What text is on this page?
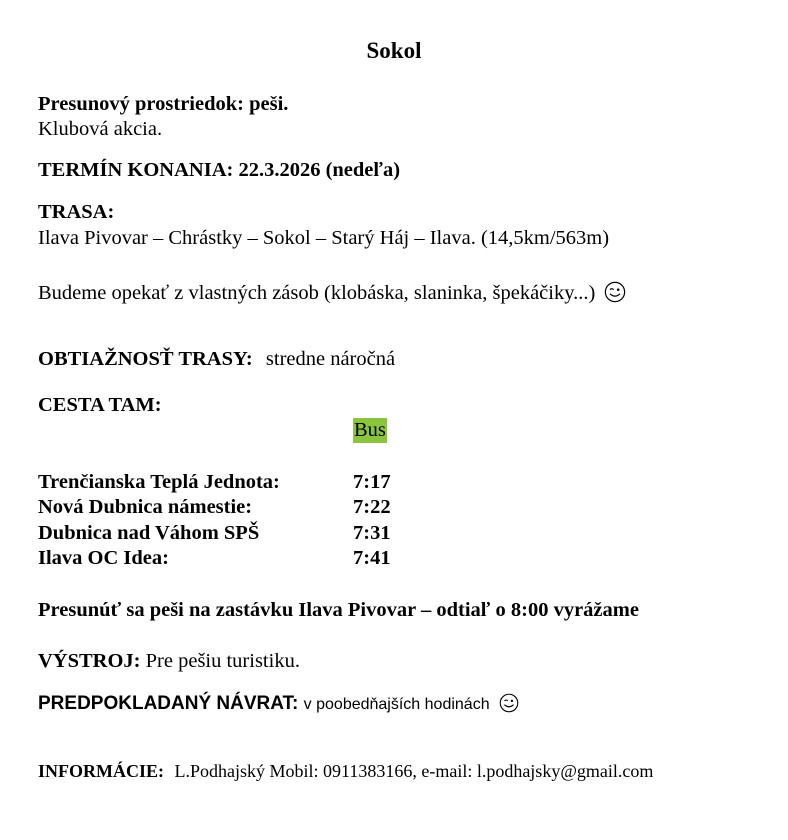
Sokol
Presunový prostriedok: peši.
Klubová akcia.
TERMÍN KONANIA: 22.3.2026 (nedeľa)
TRASA:
Ilava Pivovar – Chrástky – Sokol – Starý Háj – Ilava. (14,5km/563m)
Budeme opekať z vlastných zásob (klobáska, slaninka, špekáčiky...)
OBTIAŽNOSŤ TRASY: stredne náročná
CESTA TAM:
Bus
Trenčianska Teplá Jednota:	7:17
Nová Dubnica námestie:	7:22
Dubnica nad Váhom SPŠ	7:31
Ilava OC Idea:	7:41
Presunúť sa peši na zastávku Ilava Pivovar – odtiaľ o 8:00 vyrážame
VÝSTROJ: Pre pešiu turistiku.
PREDPOKLADANÝ NÁVRAT: v poobedňajších hodinách
INFORMÁCIE: L.Podhajský Mobil: 0911383166, e-mail: l.podhajsky@gmail.com
